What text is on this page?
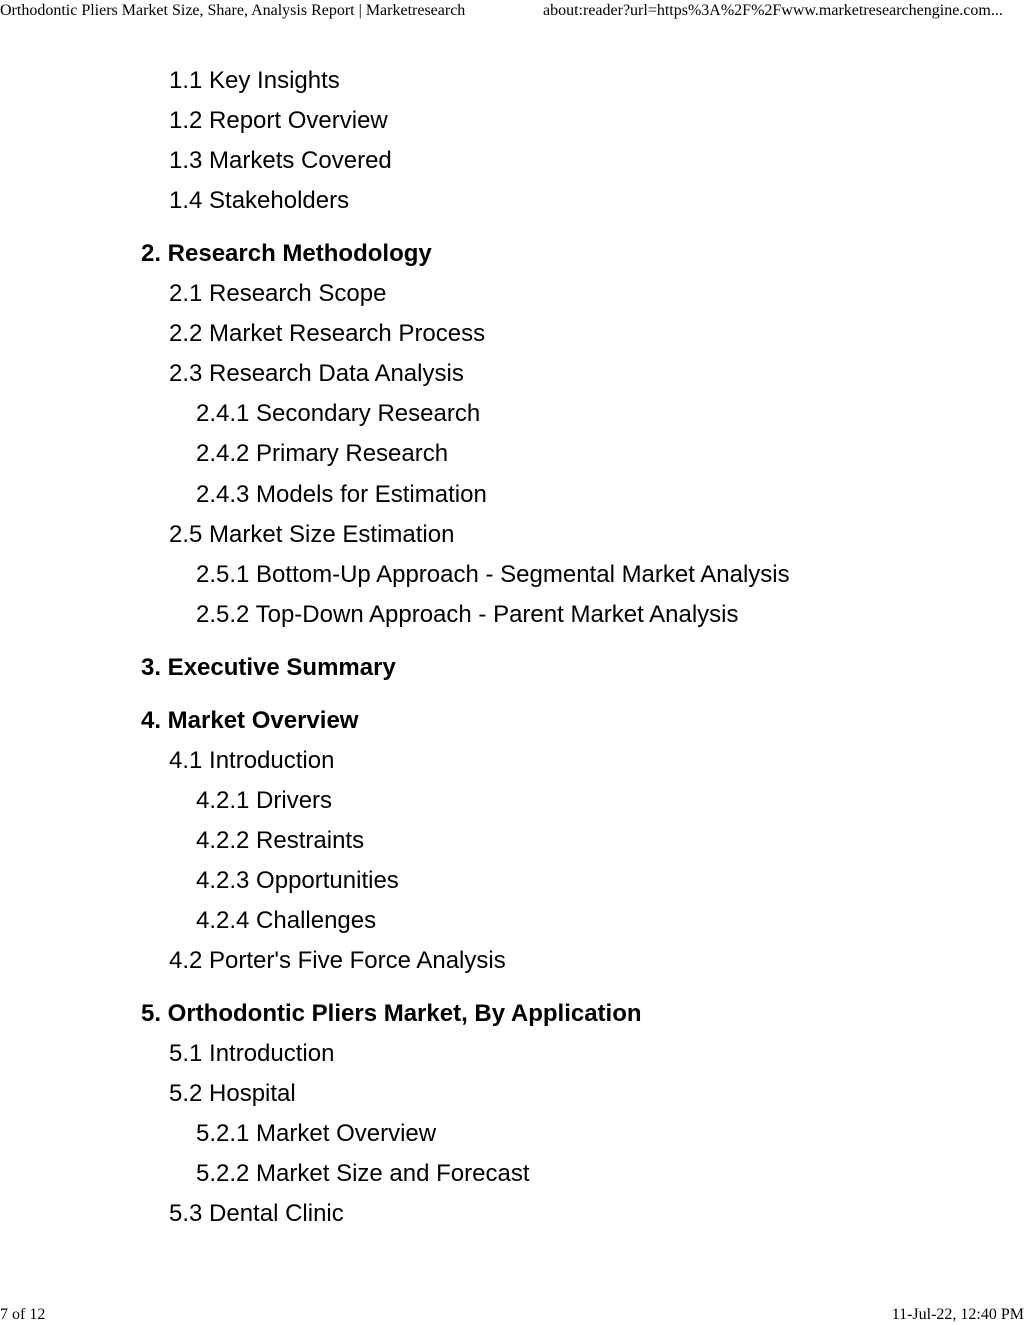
Orthodontic Pliers Market Size, Share, Analysis Report | Marketresearch	about:reader?url=https%3A%2F%2Fwww.marketresearchengine.com...
1.1 Key Insights
1.2 Report Overview
1.3 Markets Covered
1.4 Stakeholders
2. Research Methodology
2.1 Research Scope
2.2 Market Research Process
2.3 Research Data Analysis
2.4.1 Secondary Research
2.4.2 Primary Research
2.4.3 Models for Estimation
2.5 Market Size Estimation
2.5.1 Bottom-Up Approach - Segmental Market Analysis
2.5.2 Top-Down Approach - Parent Market Analysis
3. Executive Summary
4. Market Overview
4.1 Introduction
4.2.1 Drivers
4.2.2 Restraints
4.2.3 Opportunities
4.2.4 Challenges
4.2 Porter's Five Force Analysis
5. Orthodontic Pliers Market, By Application
5.1 Introduction
5.2 Hospital
5.2.1 Market Overview
5.2.2 Market Size and Forecast
5.3 Dental Clinic
7 of 12	11-Jul-22, 12:40 PM
